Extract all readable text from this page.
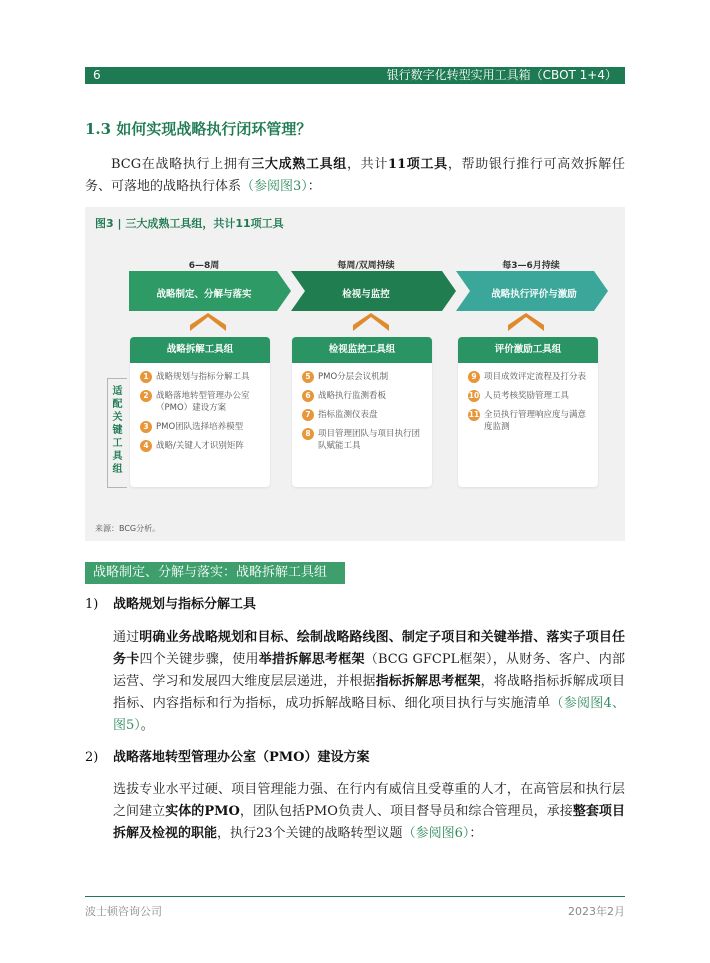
6	银行数字化转型实用工具箱（CBOT 1+4）
1.3 如何实现战略执行闭环管理？
BCG在战略执行上拥有三大成熟工具组，共计11项工具，帮助银行推行可高效拆解任务、可落地的战略执行体系（参阅图3）：
图3 | 三大成熟工具组，共计11项工具
6—8周	每周/双周持续	每3—6月持续
战略制定、分解与落实	检视与监控	战略执行评价与激励
适配关键工具组
战略拆解工具组
1 战略规划与指标分解工具
2 战略落地转型管理办公室（PMO）建设方案
3 PMO团队选择培养模型
4 战略/关键人才识别矩阵
检视监控工具组
5 PMO分层会议机制
6 战略执行监测看板
7 指标监测仪表盘
8 项目管理团队与项目执行团队赋能工具
评价激励工具组
9 项目成效评定流程及打分表
10 人员考核奖励管理工具
11 全员执行管理响应度与满意度监测
来源：BCG分析。
战略制定、分解与落实：战略拆解工具组
1) 战略规划与指标分解工具
通过明确业务战略规划和目标、绘制战略路线图、制定子项目和关键举措、落实子项目任务卡四个关键步骤，使用举措拆解思考框架（BCG GFCPL框架），从财务、客户、内部运营、学习和发展四大维度层层递进，并根据指标拆解思考框架，将战略指标拆解成项目指标、内容指标和行为指标，成功拆解战略目标、细化项目执行与实施清单（参阅图4、图5）。
2) 战略落地转型管理办公室（PMO）建设方案
选拔专业水平过硬、项目管理能力强、在行内有威信且受尊重的人才，在高管层和执行层之间建立实体的PMO，团队包括PMO负责人、项目督导员和综合管理员，承接整套项目拆解及检视的职能，执行23个关键的战略转型议题（参阅图6）：
波士顿咨询公司	2023年2月
